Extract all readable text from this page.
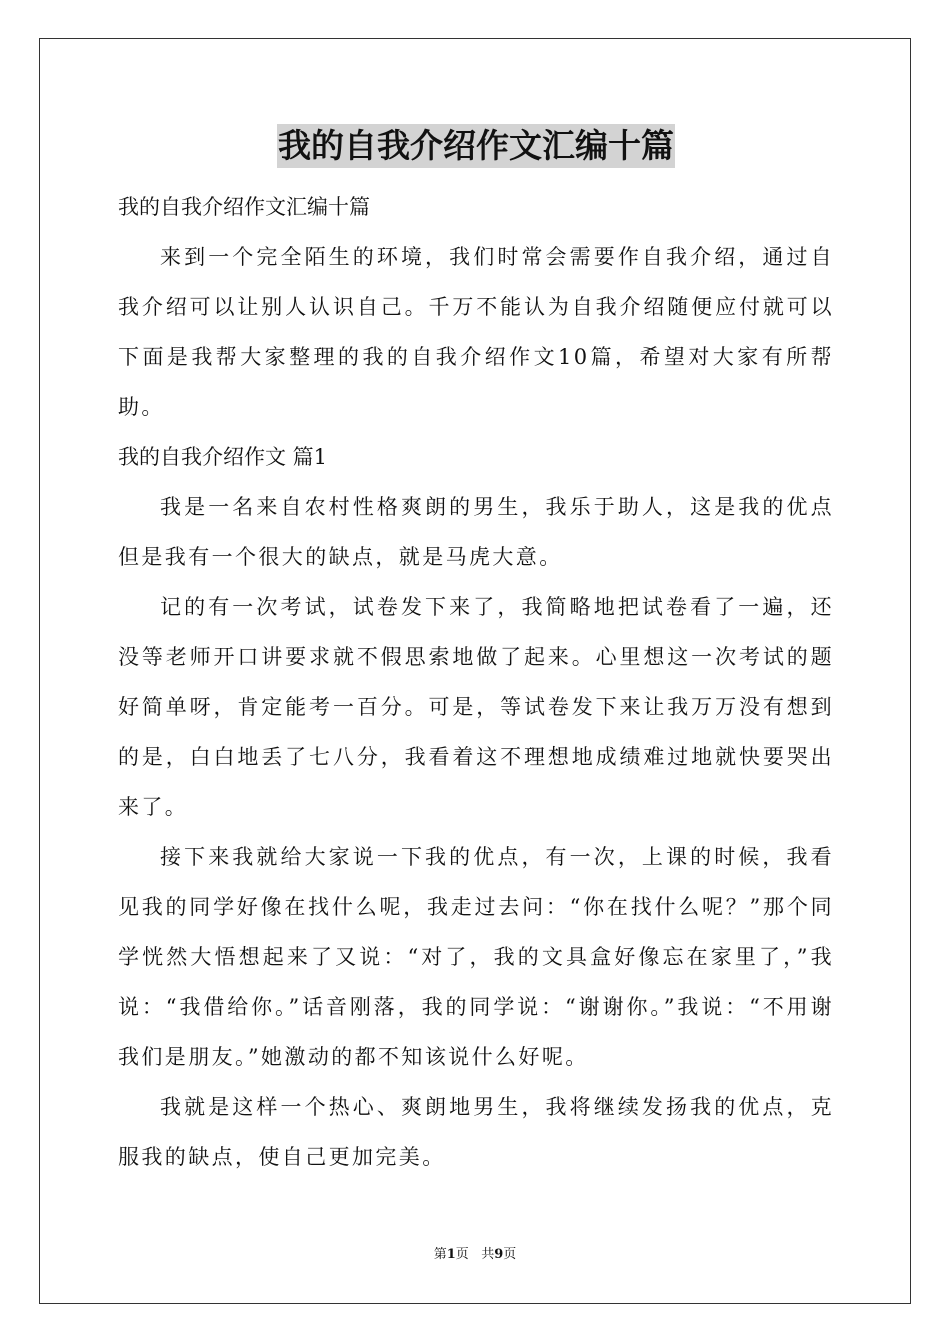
我的自我介绍作文汇编十篇

我的自我介绍作文汇编十篇

来到一个完全陌生的环境，我们时常会需要作自我介绍，通过自我介绍可以让别人认识自己。千万不能认为自我介绍随便应付就可以下面是我帮大家整理的我的自我介绍作文10篇，希望对大家有所帮助。

我的自我介绍作文 篇1

我是一名来自农村性格爽朗的男生，我乐于助人，这是我的优点但是我有一个很大的缺点，就是马虎大意。

记的有一次考试，试卷发下来了，我简略地把试卷看了一遍，还没等老师开口讲要求就不假思索地做了起来。心里想这一次考试的题好简单呀，肯定能考一百分。可是，等试卷发下来让我万万没有想到的是，白白地丢了七八分，我看着这不理想地成绩难过地就快要哭出来了。

接下来我就给大家说一下我的优点，有一次，上课的时候，我看见我的同学好像在找什么呢，我走过去问：“你在找什么呢？”那个同学恍然大悟想起来了又说：“对了，我的文具盒好像忘在家里了，”我说：“我借给你。”话音刚落，我的同学说：“谢谢你。”我说：“不用谢我们是朋友。”她激动的都不知该说什么好呢。

我就是这样一个热心、爽朗地男生，我将继续发扬我的优点，克服我的缺点，使自己更加完美。

第1页 共9页
